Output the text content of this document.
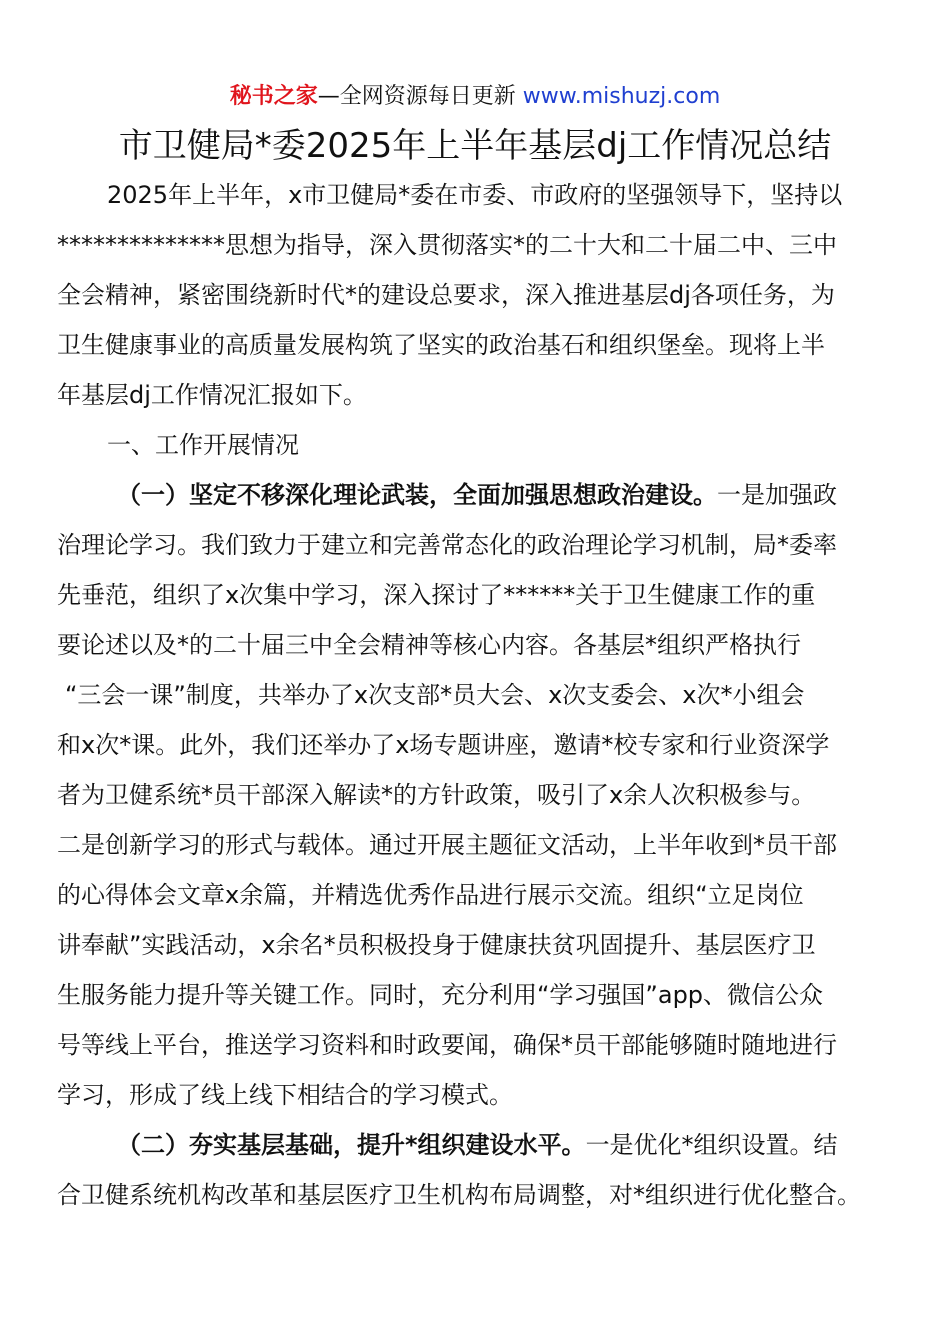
秘书之家—全网资源每日更新 www.mishuzj.com
市卫健局*委2025年上半年基层dj工作情况总结
2025年上半年，x市卫健局*委在市委、市政府的坚强领导下，坚持以
**************思想为指导，深入贯彻落实*的二十大和二十届二中、三中
全会精神，紧密围绕新时代*的建设总要求，深入推进基层dj各项任务，为
卫生健康事业的高质量发展构筑了坚实的政治基石和组织堡垒。现将上半
年基层dj工作情况汇报如下。
一、工作开展情况
（一）坚定不移深化理论武装，全面加强思想政治建设。一是加强政
治理论学习。我们致力于建立和完善常态化的政治理论学习机制，局*委率
先垂范，组织了x次集中学习，深入探讨了******关于卫生健康工作的重
要论述以及*的二十届三中全会精神等核心内容。各基层*组织严格执行
“三会一课”制度，共举办了x次支部*员大会、x次支委会、x次*小组会
和x次*课。此外，我们还举办了x场专题讲座，邀请*校专家和行业资深学
者为卫健系统*员干部深入解读*的方针政策，吸引了x余人次积极参与。
二是创新学习的形式与载体。通过开展主题征文活动，上半年收到*员干部
的心得体会文章x余篇，并精选优秀作品进行展示交流。组织“立足岗位
讲奉献”实践活动，x余名*员积极投身于健康扶贫巩固提升、基层医疗卫
生服务能力提升等关键工作。同时，充分利用“学习强国”app、微信公众
号等线上平台，推送学习资料和时政要闻，确保*员干部能够随时随地进行
学习，形成了线上线下相结合的学习模式。
（二）夯实基层基础，提升*组织建设水平。一是优化*组织设置。结
合卫健系统机构改革和基层医疗卫生机构布局调整，对*组织进行优化整合。
